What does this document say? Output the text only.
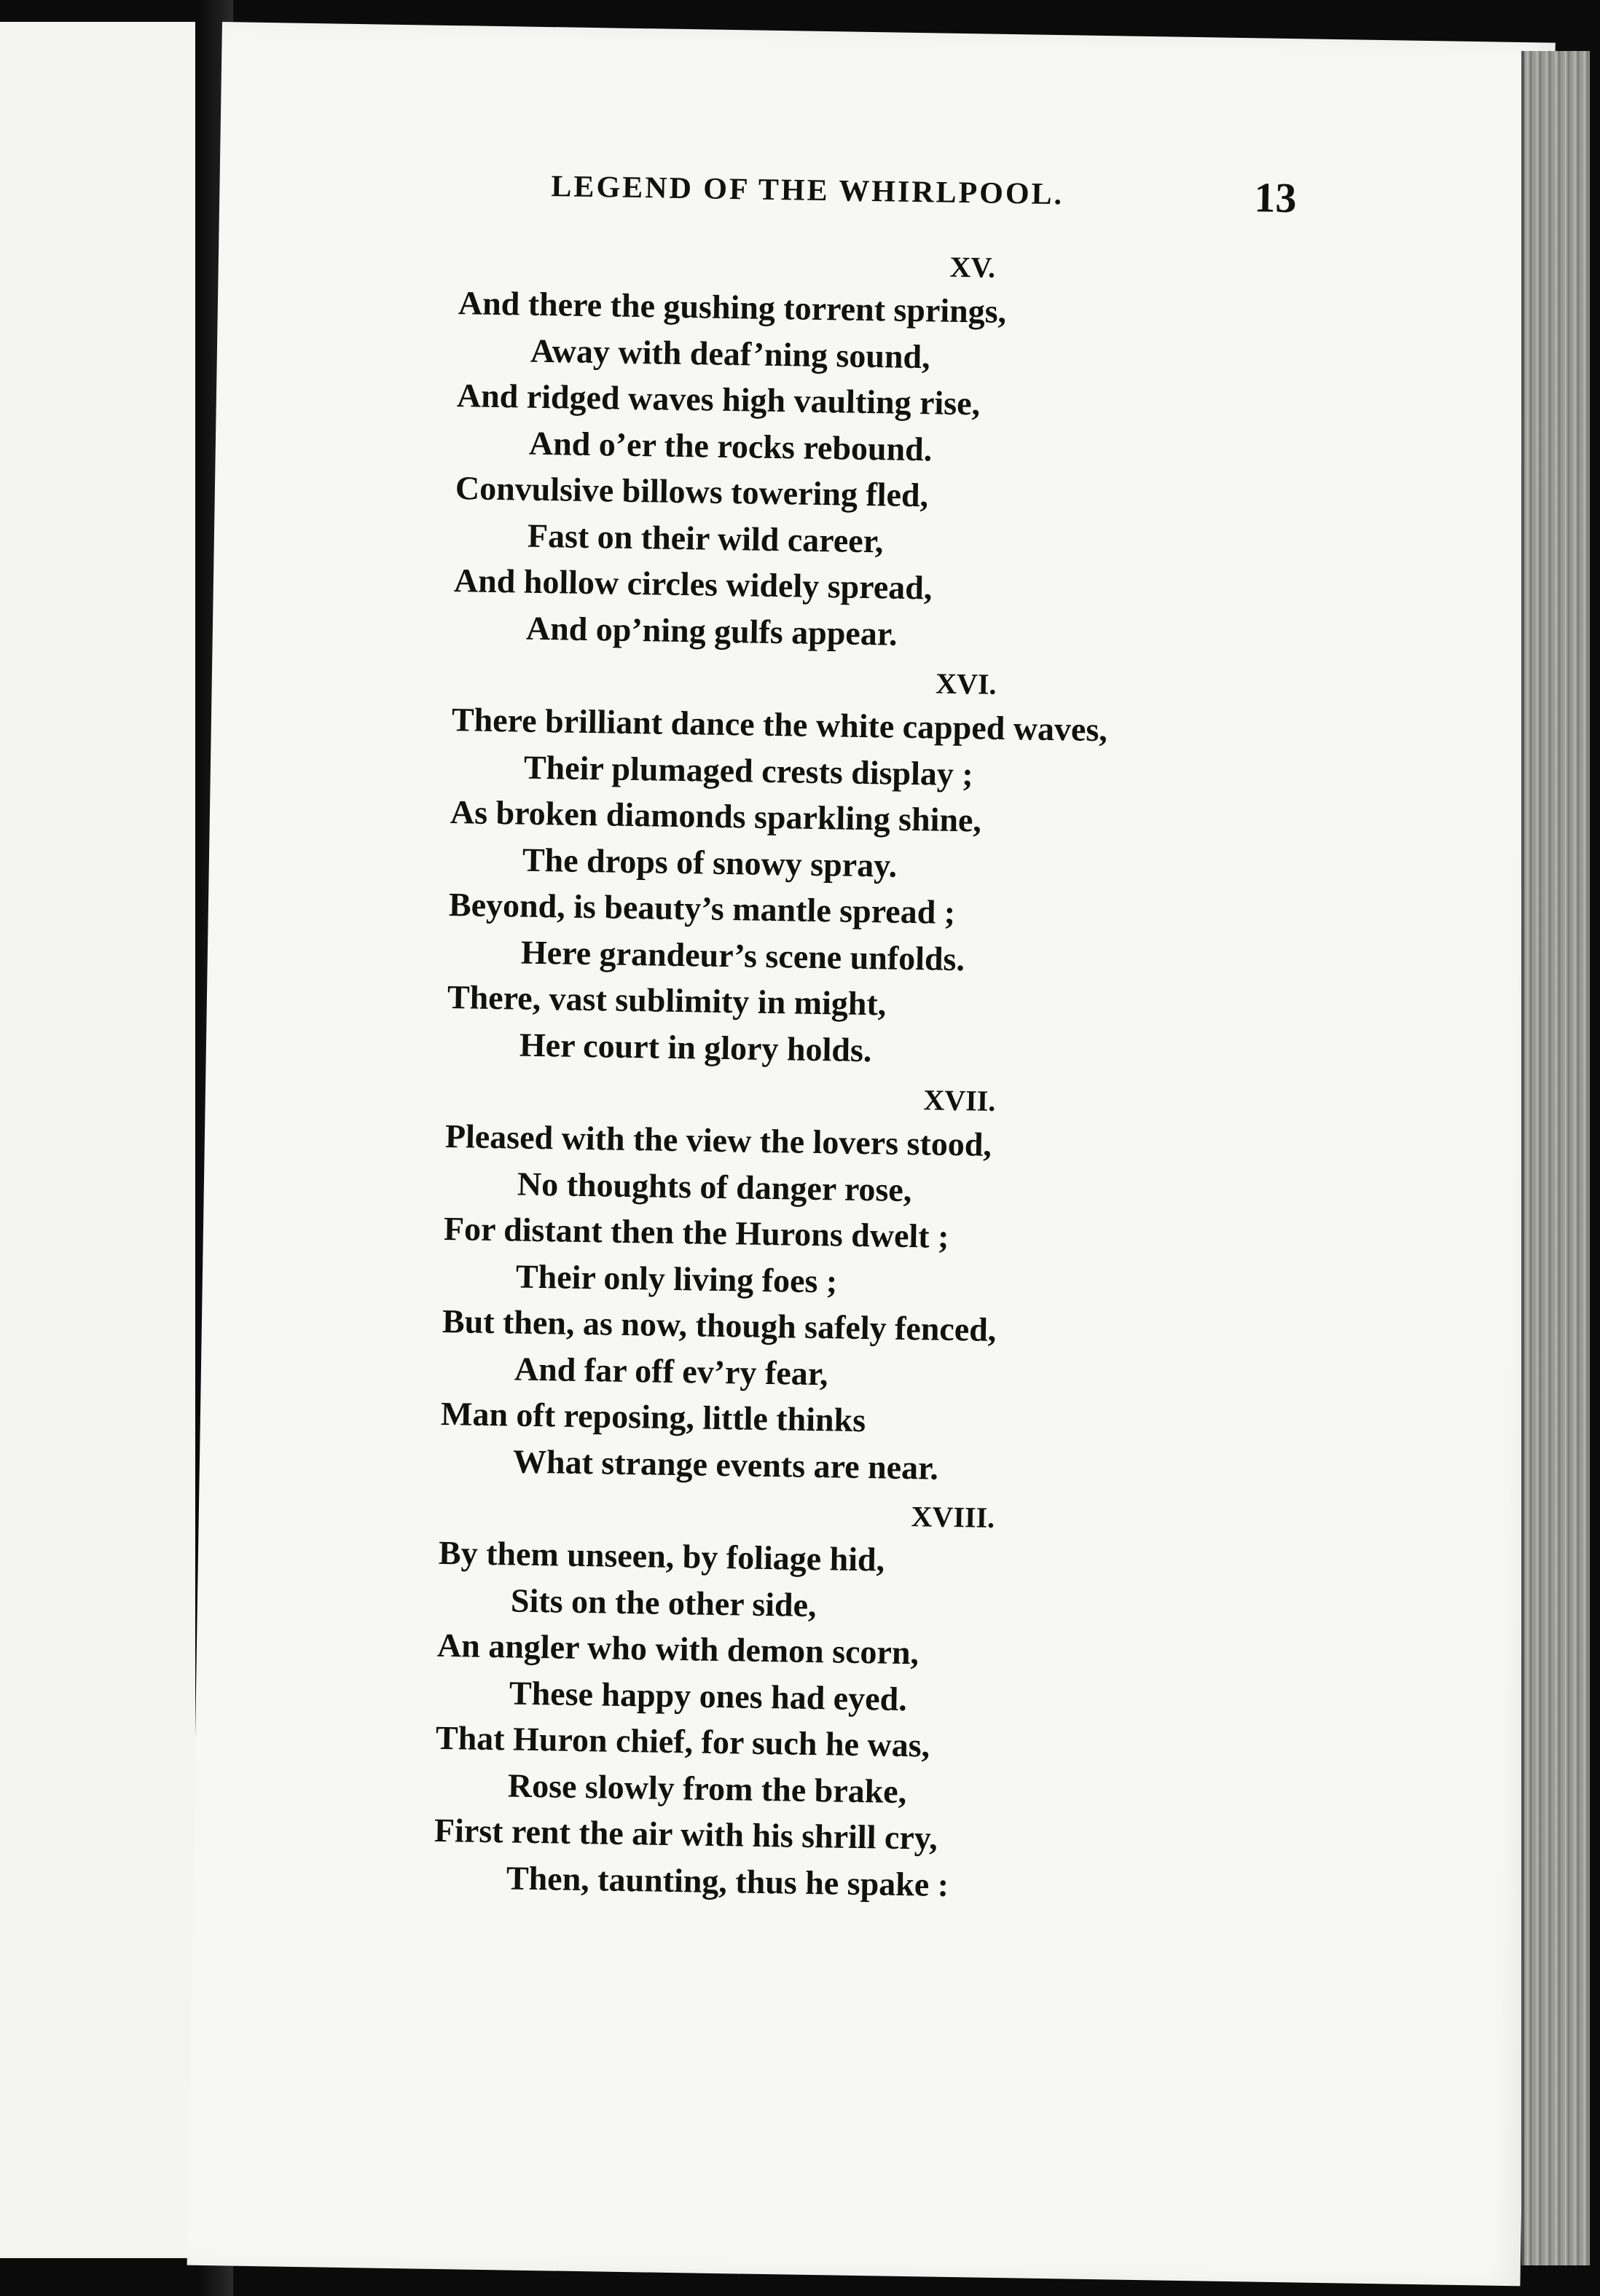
LEGEND OF THE WHIRLPOOL.	13
XV.
And there the gushing torrent springs,
Away with deaf’ning sound,
And ridged waves high vaulting rise,
And o’er the rocks rebound.
Convulsive billows towering fled,
Fast on their wild career,
And hollow circles widely spread,
And op’ning gulfs appear.
XVI.
There brilliant dance the white capped waves,
Their plumaged crests display ;
As broken diamonds sparkling shine,
The drops of snowy spray.
Beyond, is beauty’s mantle spread ;
Here grandeur’s scene unfolds.
There, vast sublimity in might,
Her court in glory holds.
XVII.
Pleased with the view the lovers stood,
No thoughts of danger rose,
For distant then the Hurons dwelt ;
Their only living foes ;
But then, as now, though safely fenced,
And far off ev’ry fear,
Man oft reposing, little thinks
What strange events are near.
XVIII.
By them unseen, by foliage hid,
Sits on the other side,
An angler who with demon scorn,
These happy ones had eyed.
That Huron chief, for such he was,
Rose slowly from the brake,
First rent the air with his shrill cry,
Then, taunting, thus he spake :
